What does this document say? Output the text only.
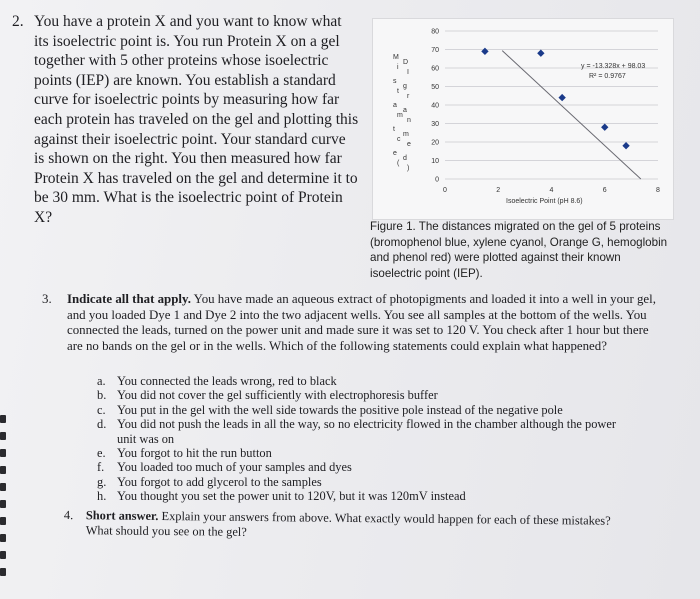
2. You have a protein X and you want to know what its isoelectric point is. You run Protein X on a gel together with 5 other proteins whose isoelectric points (IEP) are known. You establish a standard curve for isoelectric points by measuring how far each protein has traveled on the gel and plotting this against their isoelectric point. Your standard curve is shown on the right. You then measured how far Protein X has traveled on the gel and determine it to be 30 mm. What is the isoelectric point of Protein X?
0
10
20
30
40
50
60
70
80
0	2	4	6	8
M
D
i
I
s
g
t
r
a
a
m
n
t
m
c
e
e
d
(
)
y = -13.328x + 98.03
R² = 0.9767
Isoelectric Point (pH 8.6)
Figure 1. The distances migrated on the gel of 5 proteins (bromophenol blue, xylene cyanol, Orange G, hemoglobin and phenol red) were plotted against their known isoelectric point (IEP).
3. Indicate all that apply. You have made an aqueous extract of photopigments and loaded it into a well in your gel, and you loaded Dye 1 and Dye 2 into the two adjacent wells. You see all samples at the bottom of the wells. You connected the leads, turned on the power unit and made sure it was set to 120 V. You check after 1 hour but there are no bands on the gel or in the wells. Which of the following statements could explain what happened?
a. You connected the leads wrong, red to black
b. You did not cover the gel sufficiently with electrophoresis buffer
c. You put in the gel with the well side towards the positive pole instead of the negative pole
d. You did not push the leads in all the way, so no electricity flowed in the chamber although the power unit was on
e. You forgot to hit the run button
f. You loaded too much of your samples and dyes
g. You forgot to add glycerol to the samples
h. You thought you set the power unit to 120V, but it was 120mV instead
4. Short answer. Explain your answers from above. What exactly would happen for each of these mistakes? What should you see on the gel?
